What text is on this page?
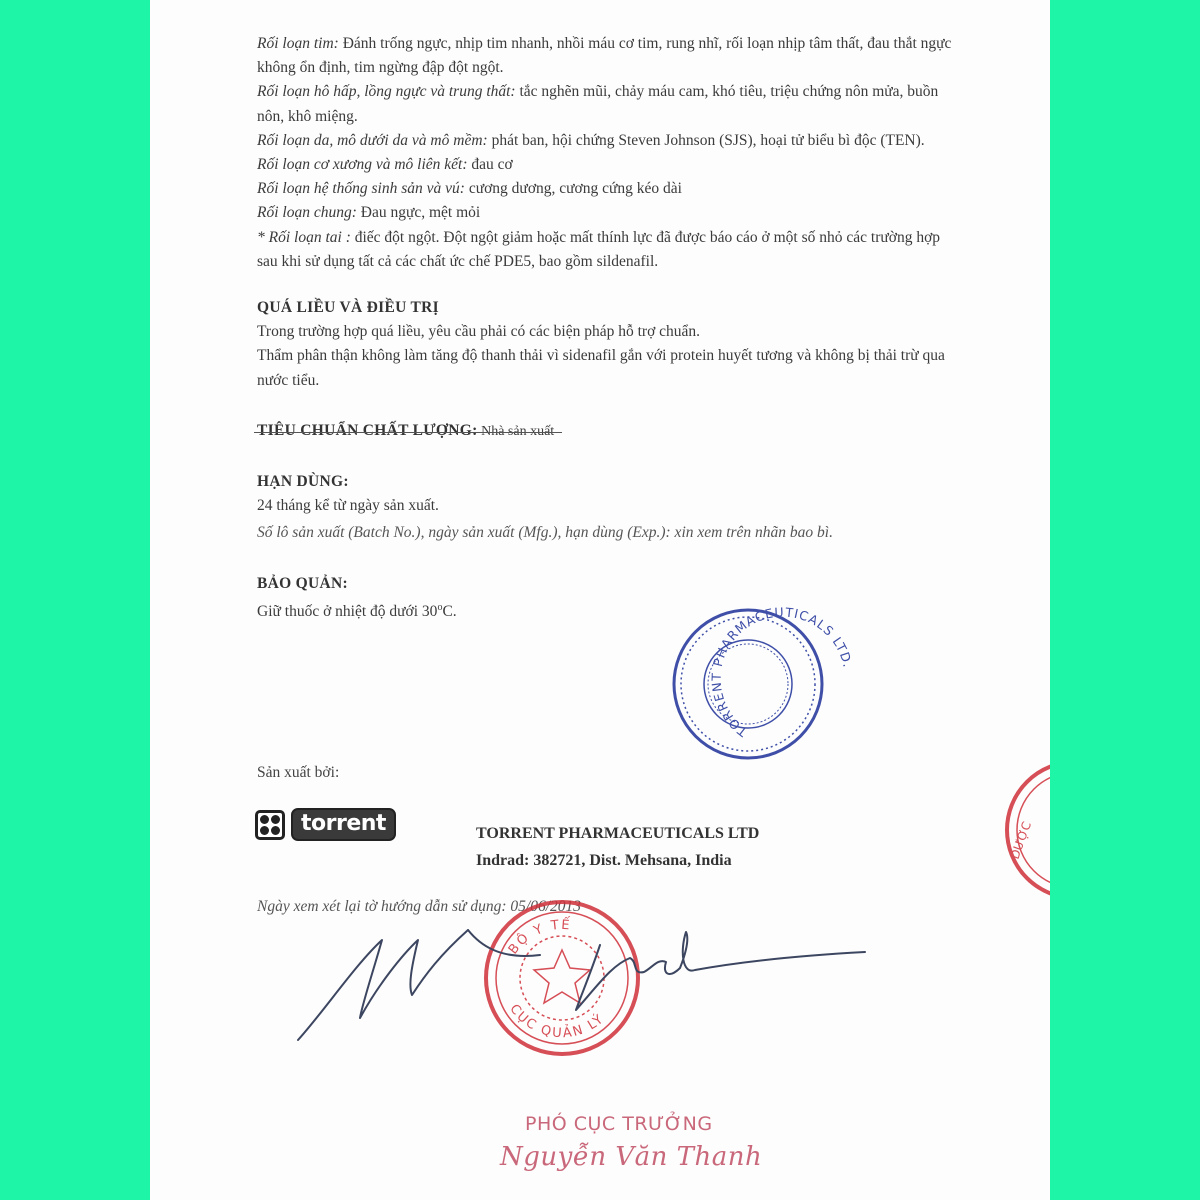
Rối loạn tim: Đánh trống ngực, nhịp tim nhanh, nhồi máu cơ tim, rung nhĩ, rối loạn nhịp tâm thất, đau thắt ngực không ổn định, tim ngừng đập đột ngột.

Rối loạn hô hấp, lồng ngực và trung thất: tắc nghẽn mũi, chảy máu cam, khó tiêu, triệu chứng nôn mửa, buồn nôn, khô miệng.

Rối loạn da, mô dưới da và mô mềm: phát ban, hội chứng Steven Johnson (SJS), hoại tử biểu bì độc (TEN).

Rối loạn cơ xương và mô liên kết: đau cơ

Rối loạn hệ thống sinh sản và vú: cương dương, cương cứng kéo dài

Rối loạn chung: Đau ngực, mệt mỏi

* Rối loạn tai : điếc đột ngột. Đột ngột giảm hoặc mất thính lực đã được báo cáo ở một số nhỏ các trường hợp sau khi sử dụng tất cả các chất ức chế PDE5, bao gồm sildenafil.

QUÁ LIỀU VÀ ĐIỀU TRỊ

Trong trường hợp quá liều, yêu cầu phải có các biện pháp hỗ trợ chuẩn.

Thẩm phân thận không làm tăng độ thanh thải vì sidenafil gắn với protein huyết tương và không bị thải trừ qua nước tiểu.

TIÊU CHUẨN CHẤT LƯỢNG: Nhà sản xuất

HẠN DÙNG:

24 tháng kể từ ngày sản xuất.

Số lô sản xuất (Batch No.), ngày sản xuất (Mfg.), hạn dùng (Exp.): xin xem trên nhãn bao bì.

BẢO QUẢN:

Giữ thuốc ở nhiệt độ dưới 30$^o$C.

Sản xuất bởi:
torrent	TORRENT PHARMACEUTICALS LTD
Indrad: 382721, Dist. Mehsana, India
Ngày xem xét lại tờ hướng dẫn sử dụng: 05/06/2013
TORRENT PHARMACEUTICALS LTD.
BỘ Y TẾ
CỤC QUẢN LÝ
DƯỢC
PHÓ CỤC TRƯỞNG
Nguyễn Văn Thanh
